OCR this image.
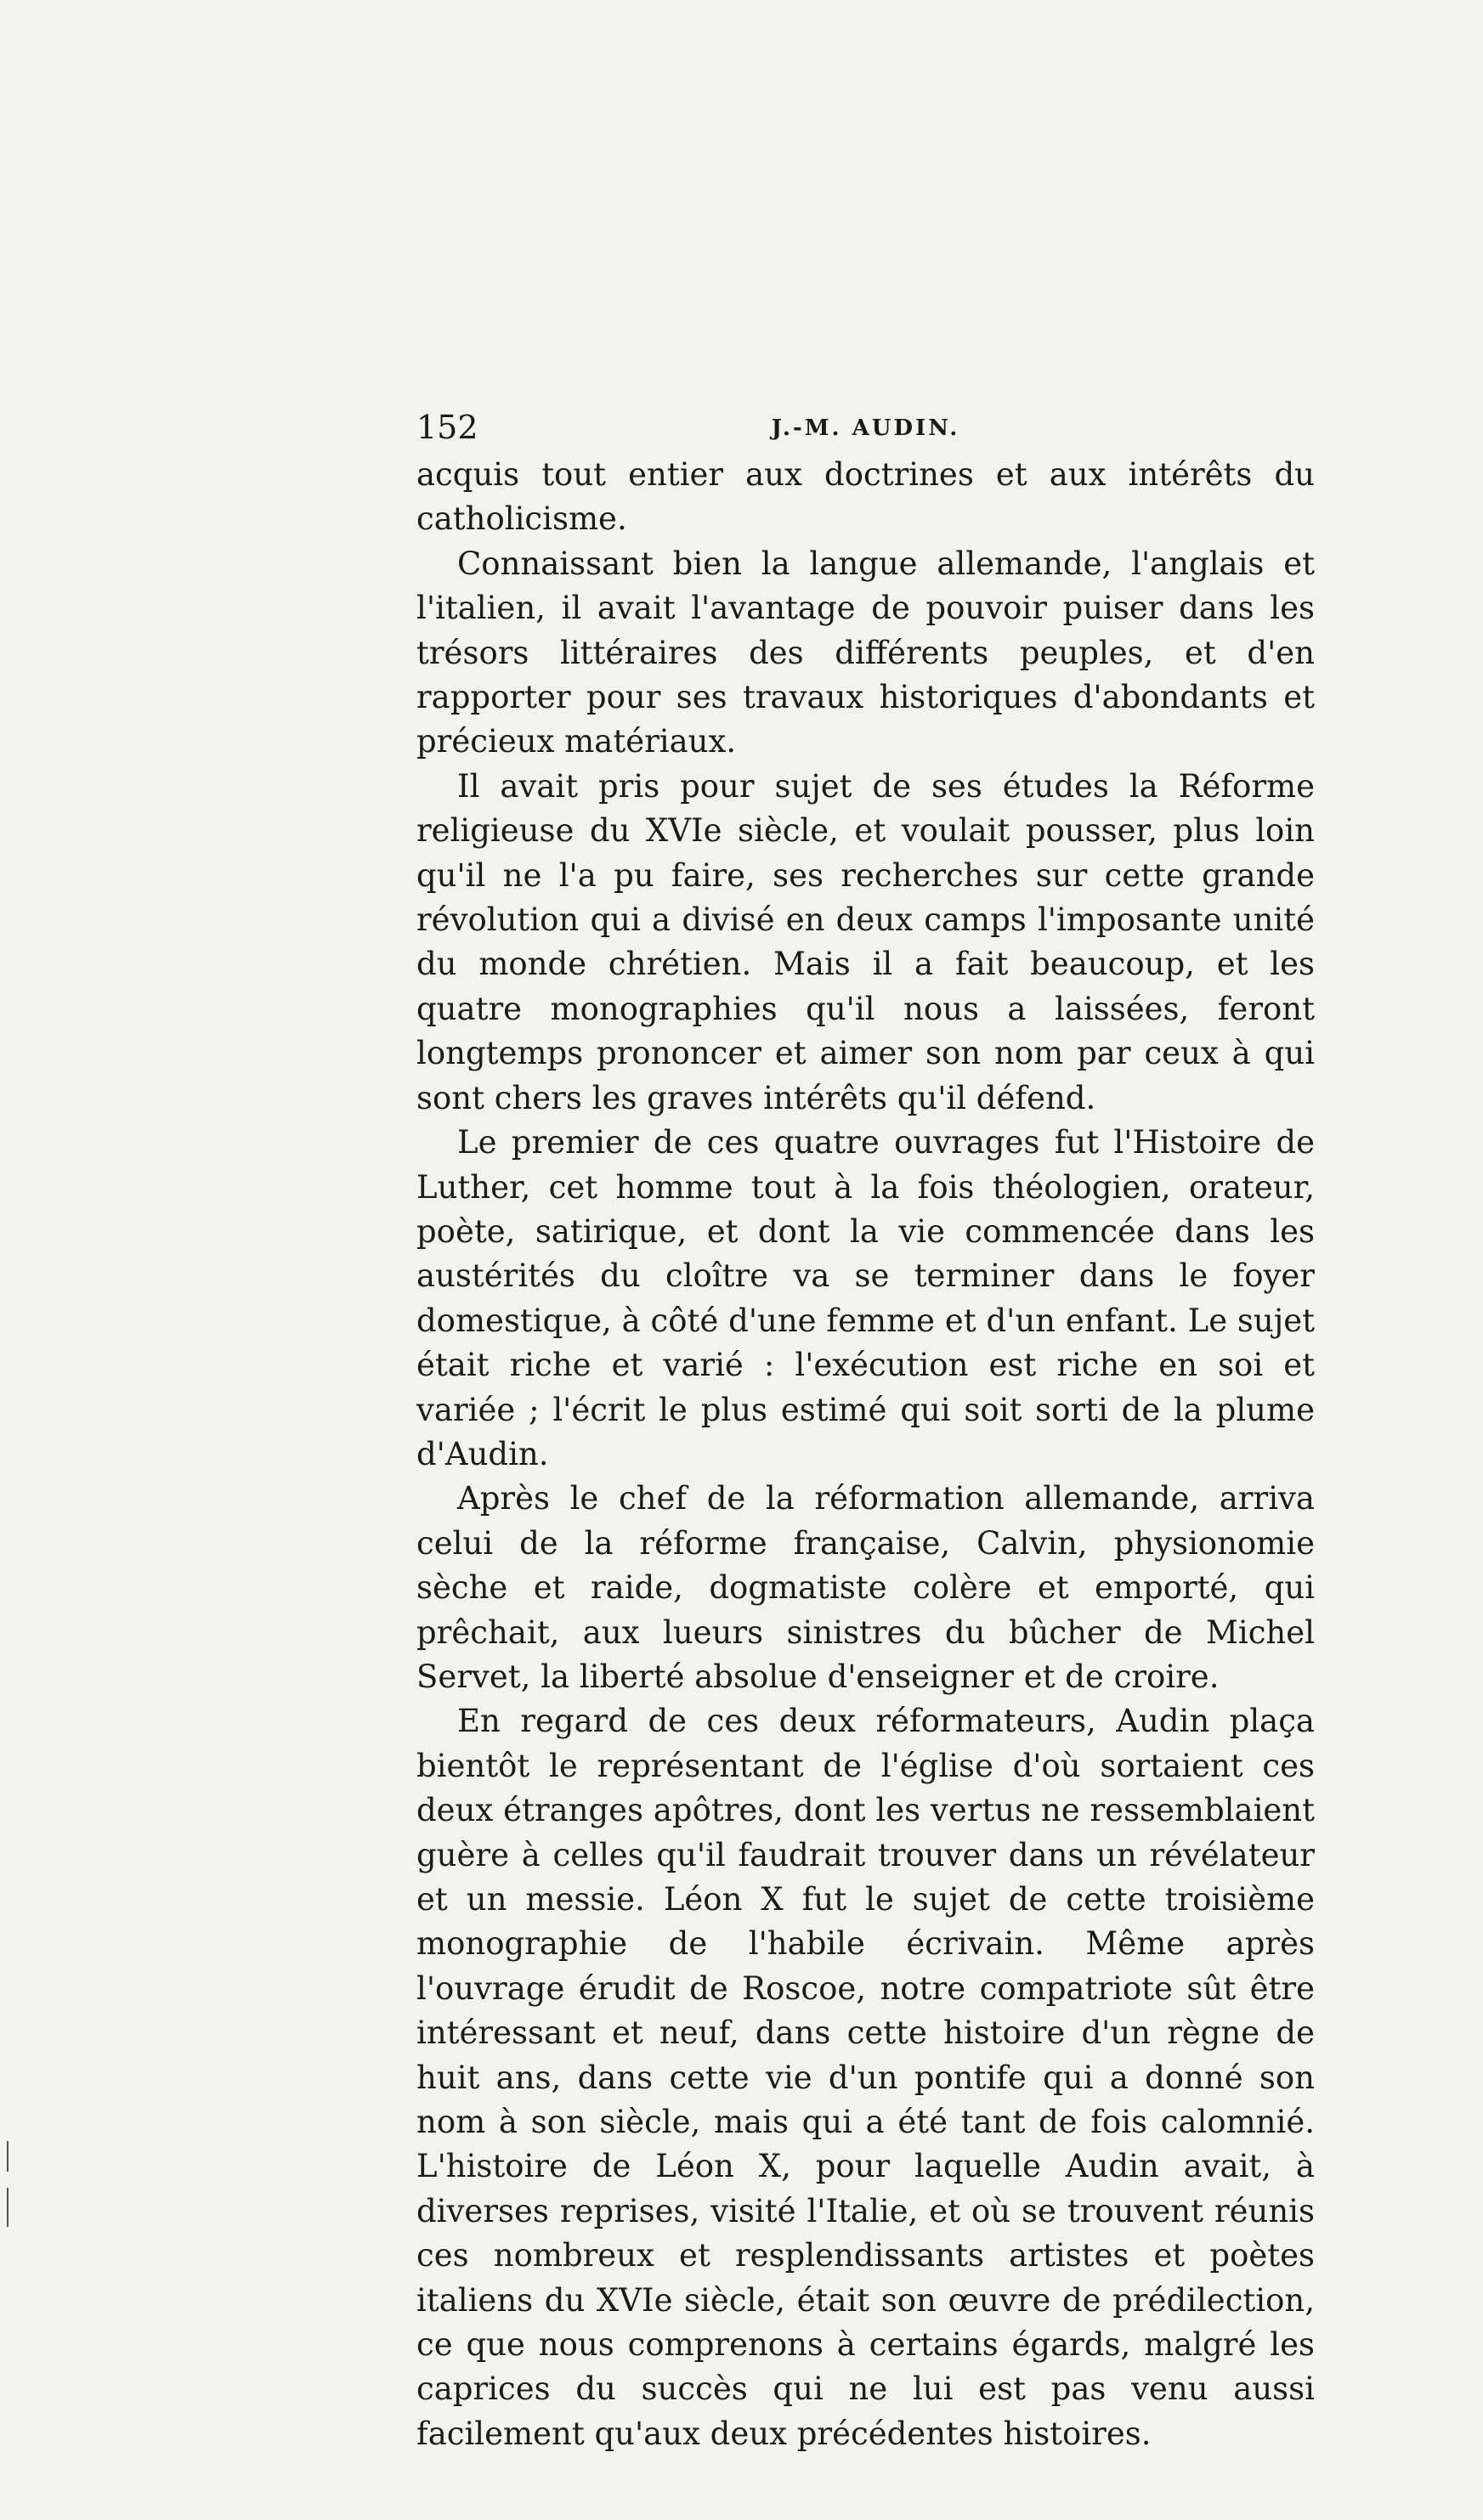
152	J.-M. AUDIN.

acquis tout entier aux doctrines et aux intérêts du catholicisme.

Connaissant bien la langue allemande, l'anglais et l'italien, il avait l'avantage de pouvoir puiser dans les trésors littéraires des différents peuples, et d'en rapporter pour ses travaux historiques d'abondants et précieux matériaux.

Il avait pris pour sujet de ses études la Réforme religieuse du XVIe siècle, et voulait pousser, plus loin qu'il ne l'a pu faire, ses recherches sur cette grande révolution qui a divisé en deux camps l'imposante unité du monde chrétien. Mais il a fait beaucoup, et les quatre monographies qu'il nous a laissées, feront longtemps prononcer et aimer son nom par ceux à qui sont chers les graves intérêts qu'il défend.

Le premier de ces quatre ouvrages fut l'Histoire de Luther, cet homme tout à la fois théologien, orateur, poète, satirique, et dont la vie commencée dans les austérités du cloître va se terminer dans le foyer domestique, à côté d'une femme et d'un enfant. Le sujet était riche et varié : l'exécution est riche en soi et variée ; l'écrit le plus estimé qui soit sorti de la plume d'Audin.

Après le chef de la réformation allemande, arriva celui de la réforme française, Calvin, physionomie sèche et raide, dogmatiste colère et emporté, qui prêchait, aux lueurs sinistres du bûcher de Michel Servet, la liberté absolue d'enseigner et de croire.

En regard de ces deux réformateurs, Audin plaça bientôt le représentant de l'église d'où sortaient ces deux étranges apôtres, dont les vertus ne ressemblaient guère à celles qu'il faudrait trouver dans un révélateur et un messie. Léon X fut le sujet de cette troisième monographie de l'habile écrivain. Même après l'ouvrage érudit de Roscoe, notre compatriote sût être intéressant et neuf, dans cette histoire d'un règne de huit ans, dans cette vie d'un pontife qui a donné son nom à son siècle, mais qui a été tant de fois calomnié. L'histoire de Léon X, pour laquelle Audin avait, à diverses reprises, visité l'Italie, et où se trouvent réunis ces nombreux et resplendissants artistes et poètes italiens du XVIe siècle, était son œuvre de prédilection, ce que nous comprenons à certains égards, malgré les caprices du succès qui ne lui est pas venu aussi facilement qu'aux deux précédentes histoires.
